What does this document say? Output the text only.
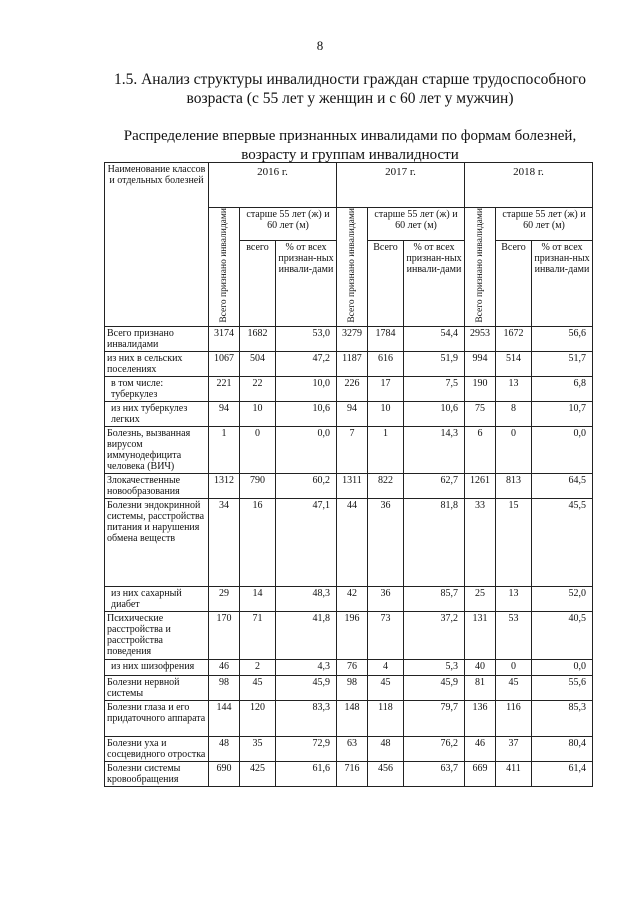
8
1.5. Анализ структуры инвалидности граждан старше трудоспособного
возраста (с 55 лет у женщин и с 60 лет у мужчин)
Распределение впервые признанных инвалидами по формам болезней,
возрасту и группам инвалидности
Наименование классов и отдельных болезней	2016 г.			2017 г.			2018 г.		
	Всего признано инвалидами	старше 55 лет (ж) и 60 лет (м)		Всего признано инвалидами	старше 55 лет (ж) и 60 лет (м)		Всего признано инвалидами	старше 55 лет (ж) и 60 лет (м)	
		всего	% от всех признан-ных инвали-дами		Всего	% от всех признан-ных инвали-дами		Всего	% от всех признан-ных инвали-дами
Всего признано инвалидами	3174	1682	53,0	3279	1784	54,4	2953	1672	56,6
из них в сельских поселениях	1067	504	47,2	1187	616	51,9	994	514	51,7
в том числе: туберкулез	221	22	10,0	226	17	7,5	190	13	6,8
из них туберкулез легких	94	10	10,6	94	10	10,6	75	8	10,7
Болезнь, вызванная вирусом иммунодефицита человека (ВИЧ)	1	0	0,0	7	1	14,3	6	0	0,0
Злокачественные новообразования	1312	790	60,2	1311	822	62,7	1261	813	64,5
Болезни эндокринной системы, расстройства питания и нарушения обмена веществ	34	16	47,1	44	36	81,8	33	15	45,5
из них сахарный диабет	29	14	48,3	42	36	85,7	25	13	52,0
Психические расстройства и расстройства поведения	170	71	41,8	196	73	37,2	131	53	40,5
из них шизофрения	46	2	4,3	76	4	5,3	40	0	0,0
Болезни нервной системы	98	45	45,9	98	45	45,9	81	45	55,6
Болезни глаза и его придаточного аппарата	144	120	83,3	148	118	79,7	136	116	85,3
Болезни уха и сосцевидного отростка	48	35	72,9	63	48	76,2	46	37	80,4
Болезни системы кровообращения	690	425	61,6	716	456	63,7	669	411	61,4
